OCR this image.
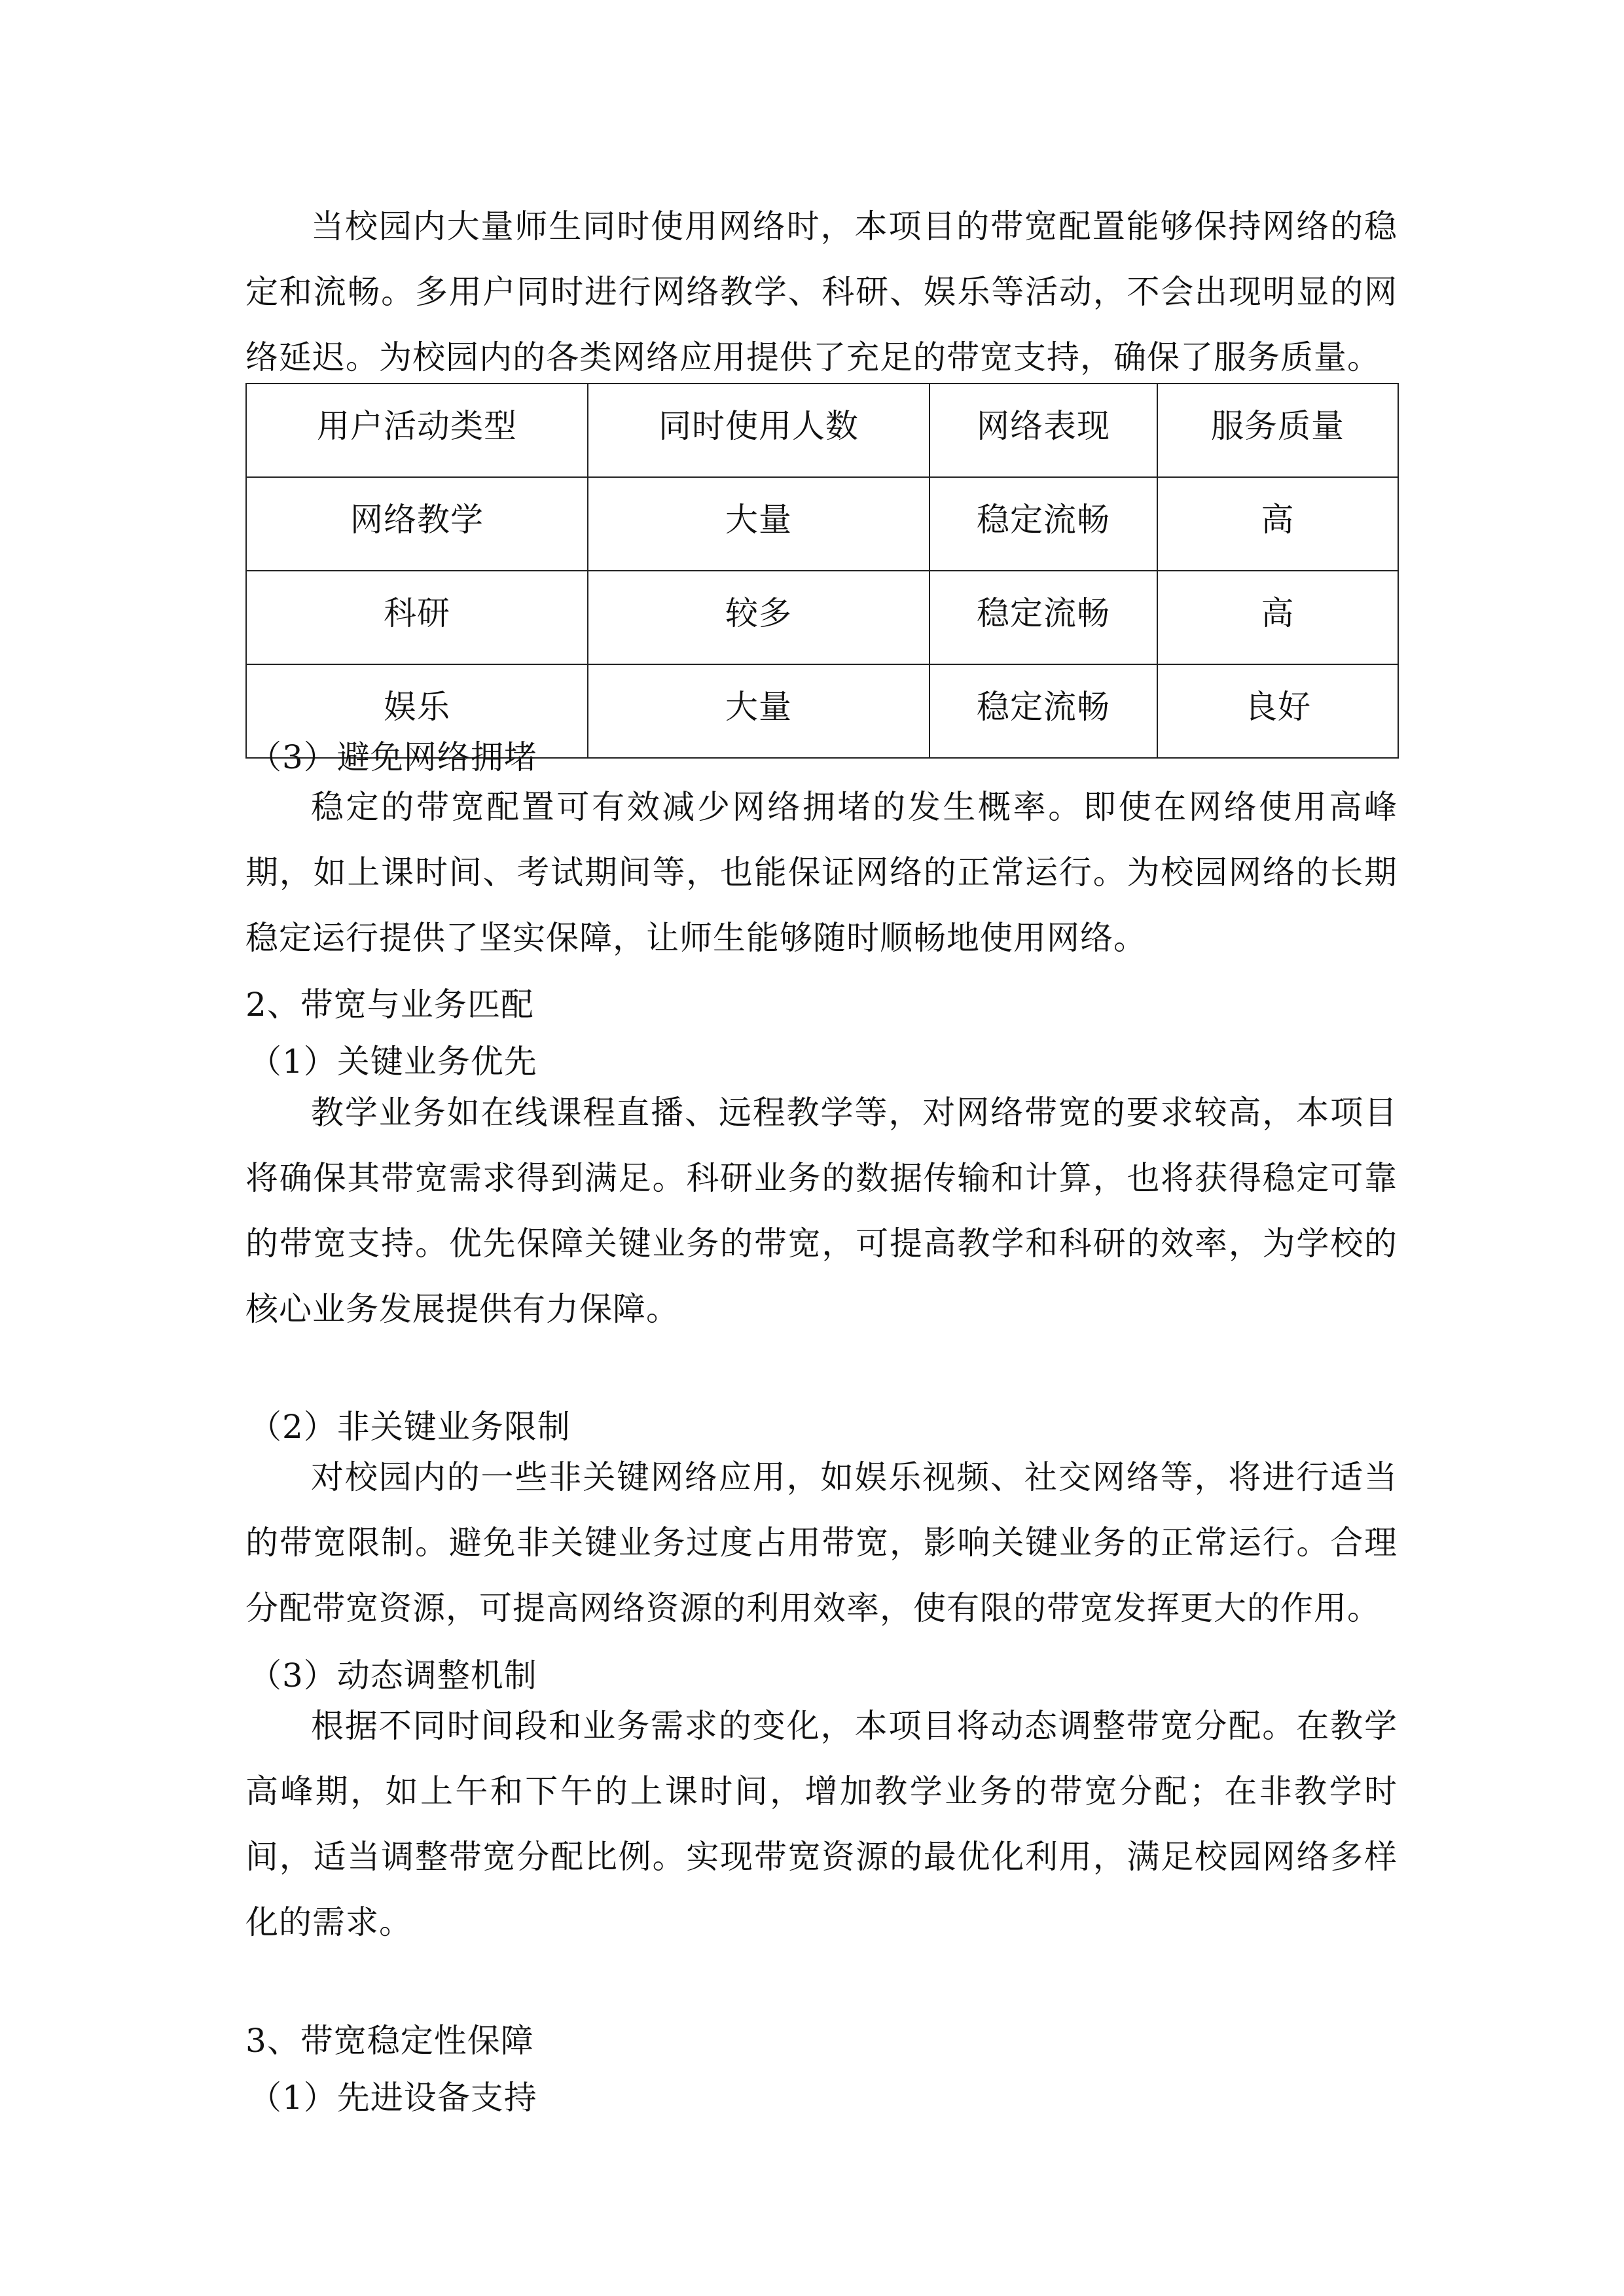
当校园内大量师生同时使用网络时，本项目的带宽配置能够保持网络的稳定和流畅。多用户同时进行网络教学、科研、娱乐等活动，不会出现明显的网络延迟。为校园内的各类网络应用提供了充足的带宽支持，确保了服务质量。

用户活动类型	同时使用人数	网络表现	服务质量
网络教学	大量	稳定流畅	高
科研	较多	稳定流畅	高
娱乐	大量	稳定流畅	良好

（3）避免网络拥堵

稳定的带宽配置可有效减少网络拥堵的发生概率。即使在网络使用高峰期，如上课时间、考试期间等，也能保证网络的正常运行。为校园网络的长期稳定运行提供了坚实保障，让师生能够随时顺畅地使用网络。

2、带宽与业务匹配

（1）关键业务优先

教学业务如在线课程直播、远程教学等，对网络带宽的要求较高，本项目将确保其带宽需求得到满足。科研业务的数据传输和计算，也将获得稳定可靠的带宽支持。优先保障关键业务的带宽，可提高教学和科研的效率，为学校的核心业务发展提供有力保障。

（2）非关键业务限制

对校园内的一些非关键网络应用，如娱乐视频、社交网络等，将进行适当的带宽限制。避免非关键业务过度占用带宽，影响关键业务的正常运行。合理分配带宽资源，可提高网络资源的利用效率，使有限的带宽发挥更大的作用。

（3）动态调整机制

根据不同时间段和业务需求的变化，本项目将动态调整带宽分配。在教学高峰期，如上午和下午的上课时间，增加教学业务的带宽分配；在非教学时间，适当调整带宽分配比例。实现带宽资源的最优化利用，满足校园网络多样化的需求。

3、带宽稳定性保障

（1）先进设备支持
